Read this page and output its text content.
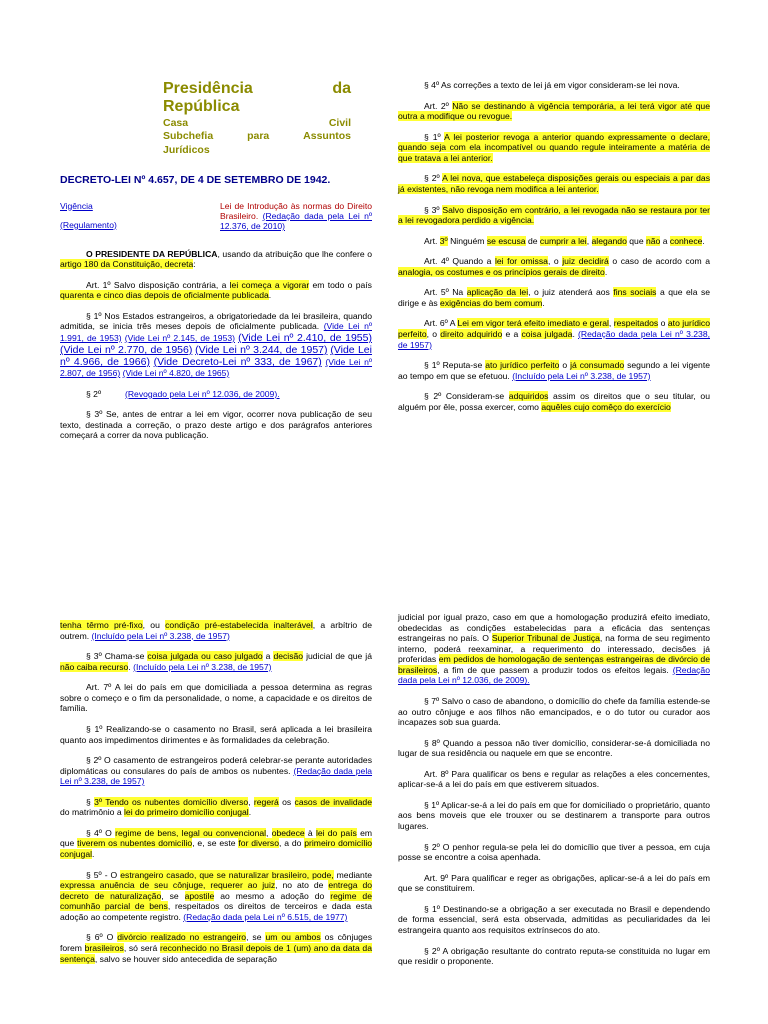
Presidência	da
República
Casa	Civil
Subchefia	para	Assuntos
Jurídicos
DECRETO-LEI Nº 4.657, DE 4 DE SETEMBRO DE 1942.
Vigência
(Regulamento)
Lei de Introdução às normas do Direito Brasileiro. (Redação dada pela Lei nº 12.376, de 2010)

O PRESIDENTE DA REPÚBLICA, usando da atribuição que lhe confere o artigo 180 da Constituição, decreta:

Art. 1º Salvo disposição contrária, a lei começa a vigorar em todo o país quarenta e cinco dias depois de oficialmente publicada.

§ 1º Nos Estados estrangeiros, a obrigatoriedade da lei brasileira, quando admitida, se inicia três meses depois de oficialmente publicada. (Vide Lei nº 1.991, de 1953) (Vide Lei nº 2.145, de 1953) (Vide Lei nº 2.410, de 1955) (Vide Lei nº 2.770, de 1956) (Vide Lei nº 3.244, de 1957) (Vide Lei nº 4.966, de 1966) (Vide Decreto-Lei nº 333, de 1967) (Vide Lei nº 2.807, de 1956) (Vide Lei nº 4.820, de 1965)

§ 2º	(Revogado pela Lei nº 12.036, de 2009).

§ 3º Se, antes de entrar a lei em vigor, ocorrer nova publicação de seu texto, destinada a correção, o prazo deste artigo e dos parágrafos anteriores começará a correr da nova publicação.

§ 4º As correções a texto de lei já em vigor consideram-se lei nova.

Art. 2º Não se destinando à vigência temporária, a lei terá vigor até que outra a modifique ou revogue.

§ 1º A lei posterior revoga a anterior quando expressamente o declare, quando seja com ela incompatível ou quando regule inteiramente a matéria de que tratava a lei anterior.

§ 2º A lei nova, que estabeleça disposições gerais ou especiais a par das já existentes, não revoga nem modifica a lei anterior.

§ 3º Salvo disposição em contrário, a lei revogada não se restaura por ter a lei revogadora perdido a vigência.

Art. 3º Ninguém se escusa de cumprir a lei, alegando que não a conhece.

Art. 4º Quando a lei for omissa, o juiz decidirá o caso de acordo com a analogia, os costumes e os princípios gerais de direito.

Art. 5º Na aplicação da lei, o juiz atenderá aos fins sociais a que ela se dirige e às exigências do bem comum.

Art. 6º A Lei em vigor terá efeito imediato e geral, respeitados o ato jurídico perfeito, o direito adquirido e a coisa julgada. (Redação dada pela Lei nº 3.238, de 1957)

§ 1º Reputa-se ato jurídico perfeito o já consumado segundo a lei vigente ao tempo em que se efetuou. (Incluído pela Lei nº 3.238, de 1957)

§ 2º Consideram-se adquiridos assim os direitos que o seu titular, ou alguém por êle, possa exercer, como aquêles cujo comêço do exercício

tenha têrmo pré-fixo, ou condição pré-estabelecida inalterável, a arbítrio de outrem. (Incluído pela Lei nº 3.238, de 1957)

§ 3º Chama-se coisa julgada ou caso julgado a decisão judicial de que já não caiba recurso. (Incluído pela Lei nº 3.238, de 1957)

Art. 7º A lei do país em que domiciliada a pessoa determina as regras sobre o começo e o fim da personalidade, o nome, a capacidade e os direitos de família.

§ 1º Realizando-se o casamento no Brasil, será aplicada a lei brasileira quanto aos impedimentos dirimentes e às formalidades da celebração.

§ 2º O casamento de estrangeiros poderá celebrar-se perante autoridades diplomáticas ou consulares do país de ambos os nubentes. (Redação dada pela Lei nº 3.238, de 1957)

§ 3º Tendo os nubentes domicílio diverso, regerá os casos de invalidade do matrimônio a lei do primeiro domicílio conjugal.

§ 4º O regime de bens, legal ou convencional, obedece à lei do país em que tiverem os nubentes domicílio, e, se este for diverso, a do primeiro domicílio conjugal.

§ 5º - O estrangeiro casado, que se naturalizar brasileiro, pode, mediante expressa anuência de seu cônjuge, requerer ao juiz, no ato de entrega do decreto de naturalização, se apostile ao mesmo a adoção do regime de comunhão parcial de bens, respeitados os direitos de terceiros e dada esta adoção ao competente registro. (Redação dada pela Lei nº 6.515, de 1977)

§ 6º O divórcio realizado no estrangeiro, se um ou ambos os cônjuges forem brasileiros, só será reconhecido no Brasil depois de 1 (um) ano da data da sentença, salvo se houver sido antecedida de separação

judicial por igual prazo, caso em que a homologação produzirá efeito imediato, obedecidas as condições estabelecidas para a eficácia das sentenças estrangeiras no país. O Superior Tribunal de Justiça, na forma de seu regimento interno, poderá reexaminar, a requerimento do interessado, decisões já proferidas em pedidos de homologação de sentenças estrangeiras de divórcio de brasileiros, a fim de que passem a produzir todos os efeitos legais. (Redação dada pela Lei nº 12.036, de 2009).

§ 7º Salvo o caso de abandono, o domicílio do chefe da família estende-se ao outro cônjuge e aos filhos não emancipados, e o do tutor ou curador aos incapazes sob sua guarda.

§ 8º Quando a pessoa não tiver domicílio, considerar-se-á domiciliada no lugar de sua residência ou naquele em que se encontre.

Art. 8º Para qualificar os bens e regular as relações a eles concernentes, aplicar-se-á a lei do país em que estiverem situados.

§ 1º Aplicar-se-á a lei do país em que for domiciliado o proprietário, quanto aos bens moveis que ele trouxer ou se destinarem a transporte para outros lugares.

§ 2º O penhor regula-se pela lei do domicílio que tiver a pessoa, em cuja posse se encontre a coisa apenhada.

Art. 9º Para qualificar e reger as obrigações, aplicar-se-á a lei do país em que se constituirem.

§ 1º Destinando-se a obrigação a ser executada no Brasil e dependendo de forma essencial, será esta observada, admitidas as peculiaridades da lei estrangeira quanto aos requisitos extrínsecos do ato.

§ 2º A obrigação resultante do contrato reputa-se constituida no lugar em que residir o proponente.
